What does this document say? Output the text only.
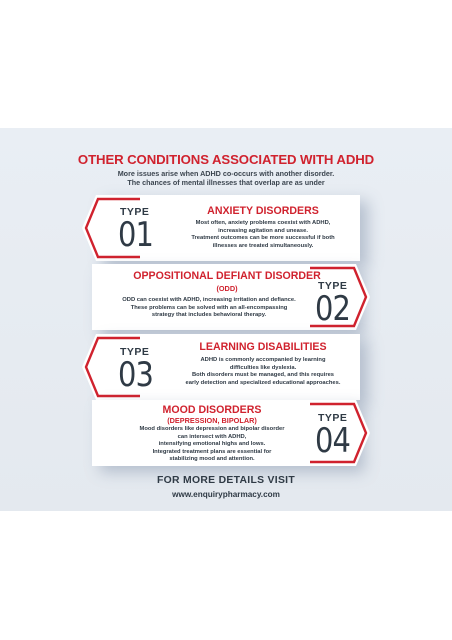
OTHER CONDITIONS ASSOCIATED WITH ADHD
More issues arise when ADHD co-occurs with another disorder.
The chances of mental illnesses that overlap are as under
TYPE
01
ANXIETY DISORDERS
Most often, anxiety problems coexist with ADHD,
increasing agitation and unease.
Treatment outcomes can be more successful if both
illnesses are treated simultaneously.
OPPOSITIONAL DEFIANT DISORDER
(ODD)
ODD can coexist with ADHD, increasing irritation and defiance.
These problems can be solved with an all-encompassing
strategy that includes behavioral therapy.
TYPE
02
TYPE
03
LEARNING DISABILITIES
ADHD is commonly accompanied by learning
difficulties like dyslexia.
Both disorders must be managed, and this requires
early detection and specialized educational approaches.
MOOD DISORDERS
(DEPRESSION, BIPOLAR)
Mood disorders like depression and bipolar disorder
can intersect with ADHD,
intensifying emotional highs and lows.
Integrated treatment plans are essential for
stabilizing mood and attention.
TYPE
04
FOR MORE DETAILS VISIT
www.enquirypharmacy.com
